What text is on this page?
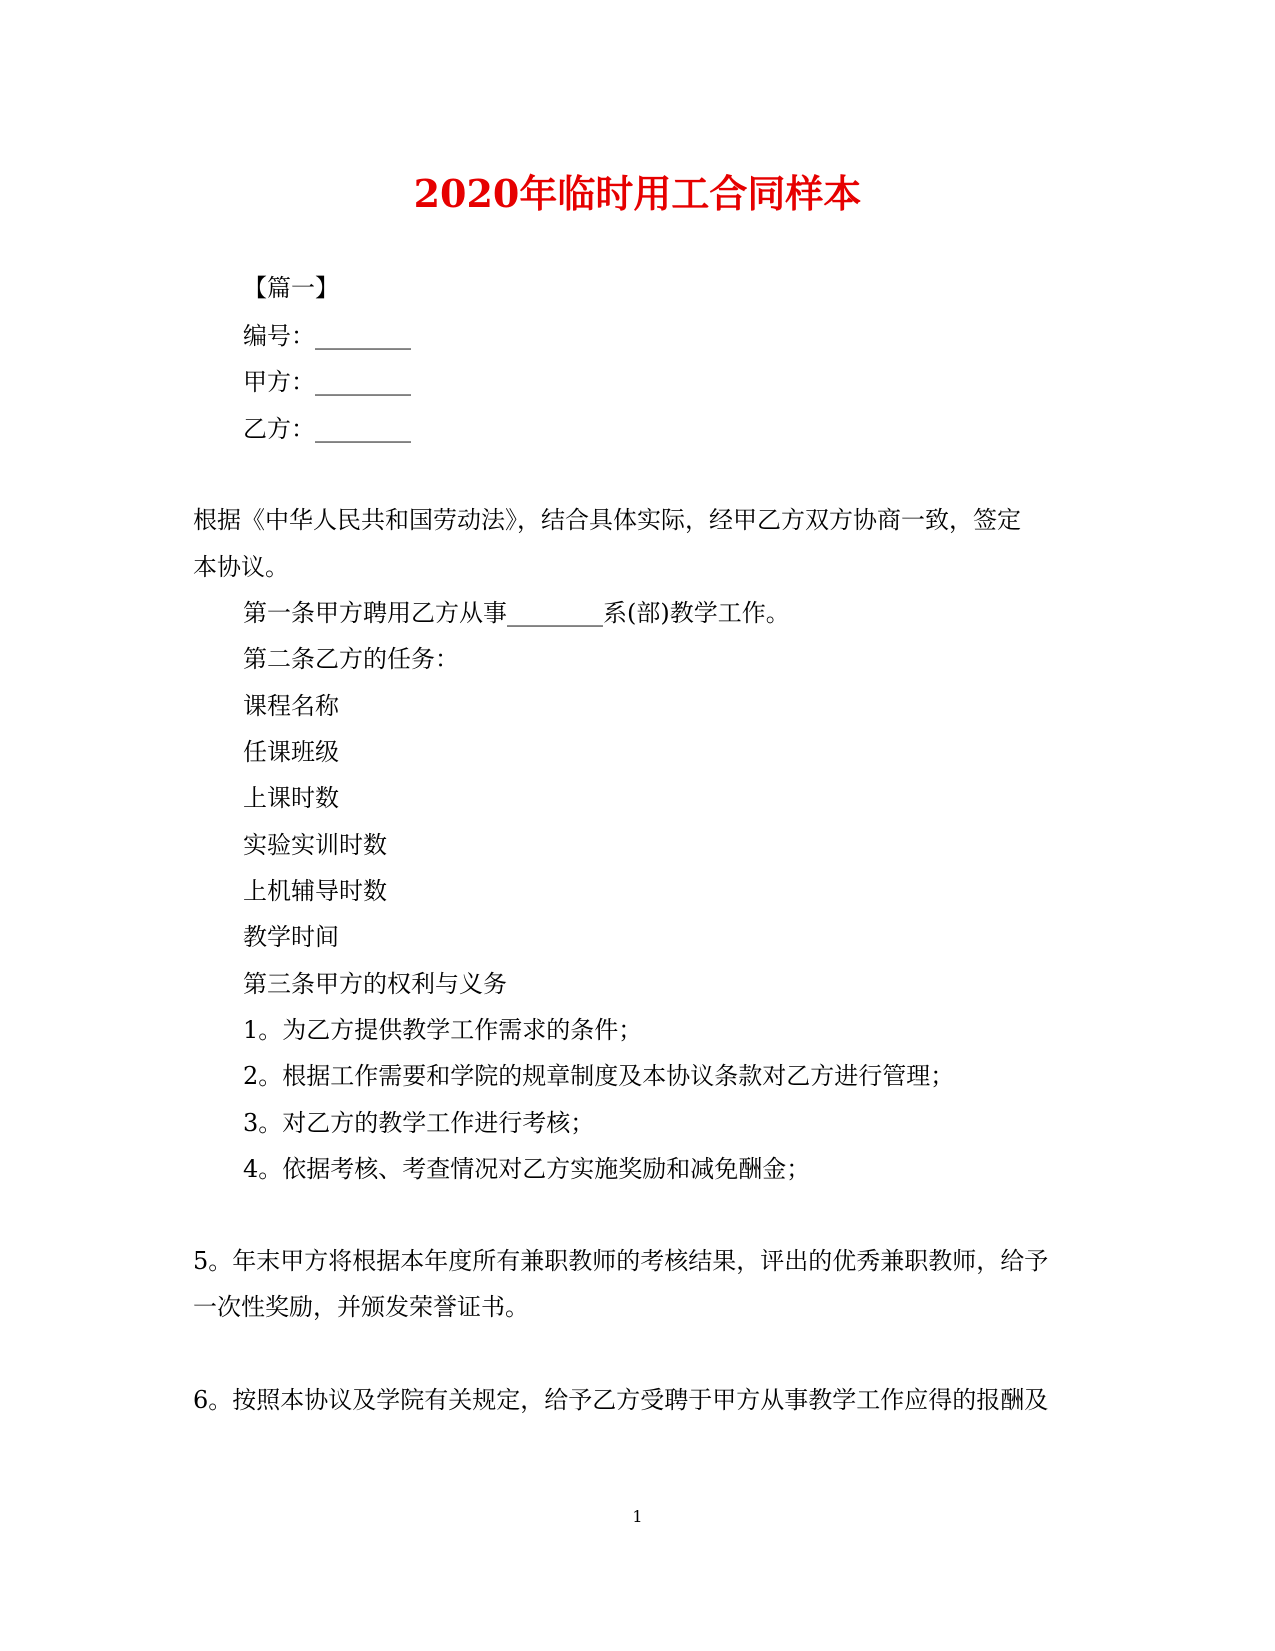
2020年临时用工合同样本
【篇一】
编号：________
甲方：________
乙方：________
根据《中华人民共和国劳动法》，结合具体实际，经甲乙方双方协商一致，签定
本协议。
第一条甲方聘用乙方从事________系(部)教学工作。
第二条乙方的任务：
课程名称
任课班级
上课时数
实验实训时数
上机辅导时数
教学时间
第三条甲方的权利与义务
1。为乙方提供教学工作需求的条件；
2。根据工作需要和学院的规章制度及本协议条款对乙方进行管理；
3。对乙方的教学工作进行考核；
4。依据考核、考查情况对乙方实施奖励和减免酬金；
5。年末甲方将根据本年度所有兼职教师的考核结果，评出的优秀兼职教师，给予
一次性奖励，并颁发荣誉证书。
6。按照本协议及学院有关规定，给予乙方受聘于甲方从事教学工作应得的报酬及
1
